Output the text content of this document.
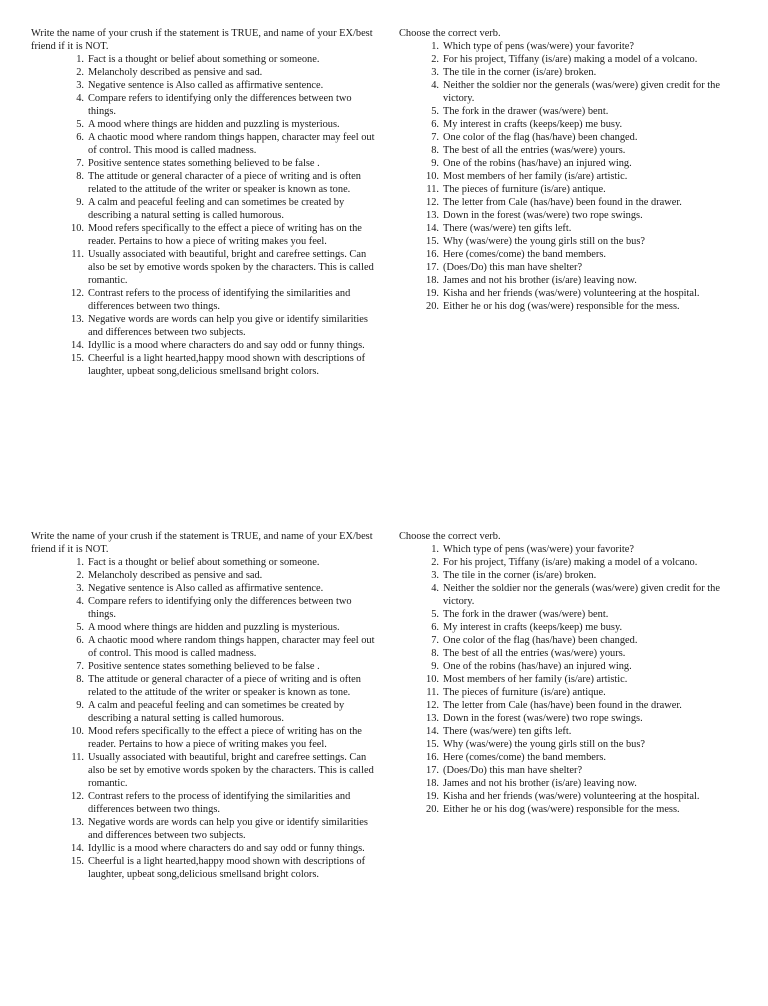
Write the name of your crush if the statement is TRUE, and name of your EX/best friend if it is NOT.

1. Fact is a thought or belief about something or someone.
2. Melancholy described as pensive and sad.
3. Negative sentence is Also called as affirmative sentence.
4. Compare refers to identifying only the differences between two things.
5. A mood where things are hidden and puzzling is mysterious.
6. A chaotic mood where random things happen, character may feel out of control. This mood is called madness.
7. Positive sentence states something believed to be false .
8. The attitude or general character of a piece of writing and is often related to the attitude of the writer or speaker is known as tone.
9. A calm and peaceful feeling and can sometimes be created by describing a natural setting is called humorous.
10. Mood refers specifically to the effect a piece of writing has on the reader. Pertains to how a piece of writing makes you feel.
11. Usually associated with beautiful, bright and carefree settings. Can also be set by emotive words spoken by the characters. This is called romantic.
12. Contrast refers to the process of identifying the similarities and differences between two things.
13. Negative words are words can help you give or identify similarities and differences between two subjects.
14. Idyllic is a mood where characters do and say odd or funny things.
15. Cheerful is a light hearted,happy mood shown with descriptions of laughter, upbeat song,delicious smellsand bright colors.

Choose the correct verb.

1. Which type of pens (was/were) your favorite?
2. For his project, Tiffany (is/are) making a model of a volcano.
3. The tile in the corner (is/are) broken.
4. Neither the soldier nor the generals (was/were) given credit for the victory.
5. The fork in the drawer (was/were) bent.
6. My interest in crafts (keeps/keep) me busy.
7. One color of the flag (has/have) been changed.
8. The best of all the entries (was/were) yours.
9. One of the robins (has/have) an injured wing.
10. Most members of her family (is/are) artistic.
11. The pieces of furniture (is/are) antique.
12. The letter from Cale (has/have) been found in the drawer.
13. Down in the forest (was/were) two rope swings.
14. There (was/were) ten gifts left.
15. Why (was/were) the young girls still on the bus?
16. Here (comes/come) the band members.
17. (Does/Do) this man have shelter?
18. James and not his brother (is/are) leaving now.
19. Kisha and her friends (was/were) volunteering at the hospital.
20. Either he or his dog (was/were) responsible for the mess.

Write the name of your crush if the statement is TRUE, and name of your EX/best friend if it is NOT.

1. Fact is a thought or belief about something or someone.
2. Melancholy described as pensive and sad.
3. Negative sentence is Also called as affirmative sentence.
4. Compare refers to identifying only the differences between two things.
5. A mood where things are hidden and puzzling is mysterious.
6. A chaotic mood where random things happen, character may feel out of control. This mood is called madness.
7. Positive sentence states something believed to be false .
8. The attitude or general character of a piece of writing and is often related to the attitude of the writer or speaker is known as tone.
9. A calm and peaceful feeling and can sometimes be created by describing a natural setting is called humorous.
10. Mood refers specifically to the effect a piece of writing has on the reader. Pertains to how a piece of writing makes you feel.
11. Usually associated with beautiful, bright and carefree settings. Can also be set by emotive words spoken by the characters. This is called romantic.
12. Contrast refers to the process of identifying the similarities and differences between two things.
13. Negative words are words can help you give or identify similarities and differences between two subjects.
14. Idyllic is a mood where characters do and say odd or funny things.
15. Cheerful is a light hearted,happy mood shown with descriptions of laughter, upbeat song,delicious smellsand bright colors.

Choose the correct verb.

1. Which type of pens (was/were) your favorite?
2. For his project, Tiffany (is/are) making a model of a volcano.
3. The tile in the corner (is/are) broken.
4. Neither the soldier nor the generals (was/were) given credit for the victory.
5. The fork in the drawer (was/were) bent.
6. My interest in crafts (keeps/keep) me busy.
7. One color of the flag (has/have) been changed.
8. The best of all the entries (was/were) yours.
9. One of the robins (has/have) an injured wing.
10. Most members of her family (is/are) artistic.
11. The pieces of furniture (is/are) antique.
12. The letter from Cale (has/have) been found in the drawer.
13. Down in the forest (was/were) two rope swings.
14. There (was/were) ten gifts left.
15. Why (was/were) the young girls still on the bus?
16. Here (comes/come) the band members.
17. (Does/Do) this man have shelter?
18. James and not his brother (is/are) leaving now.
19. Kisha and her friends (was/were) volunteering at the hospital.
20. Either he or his dog (was/were) responsible for the mess.
